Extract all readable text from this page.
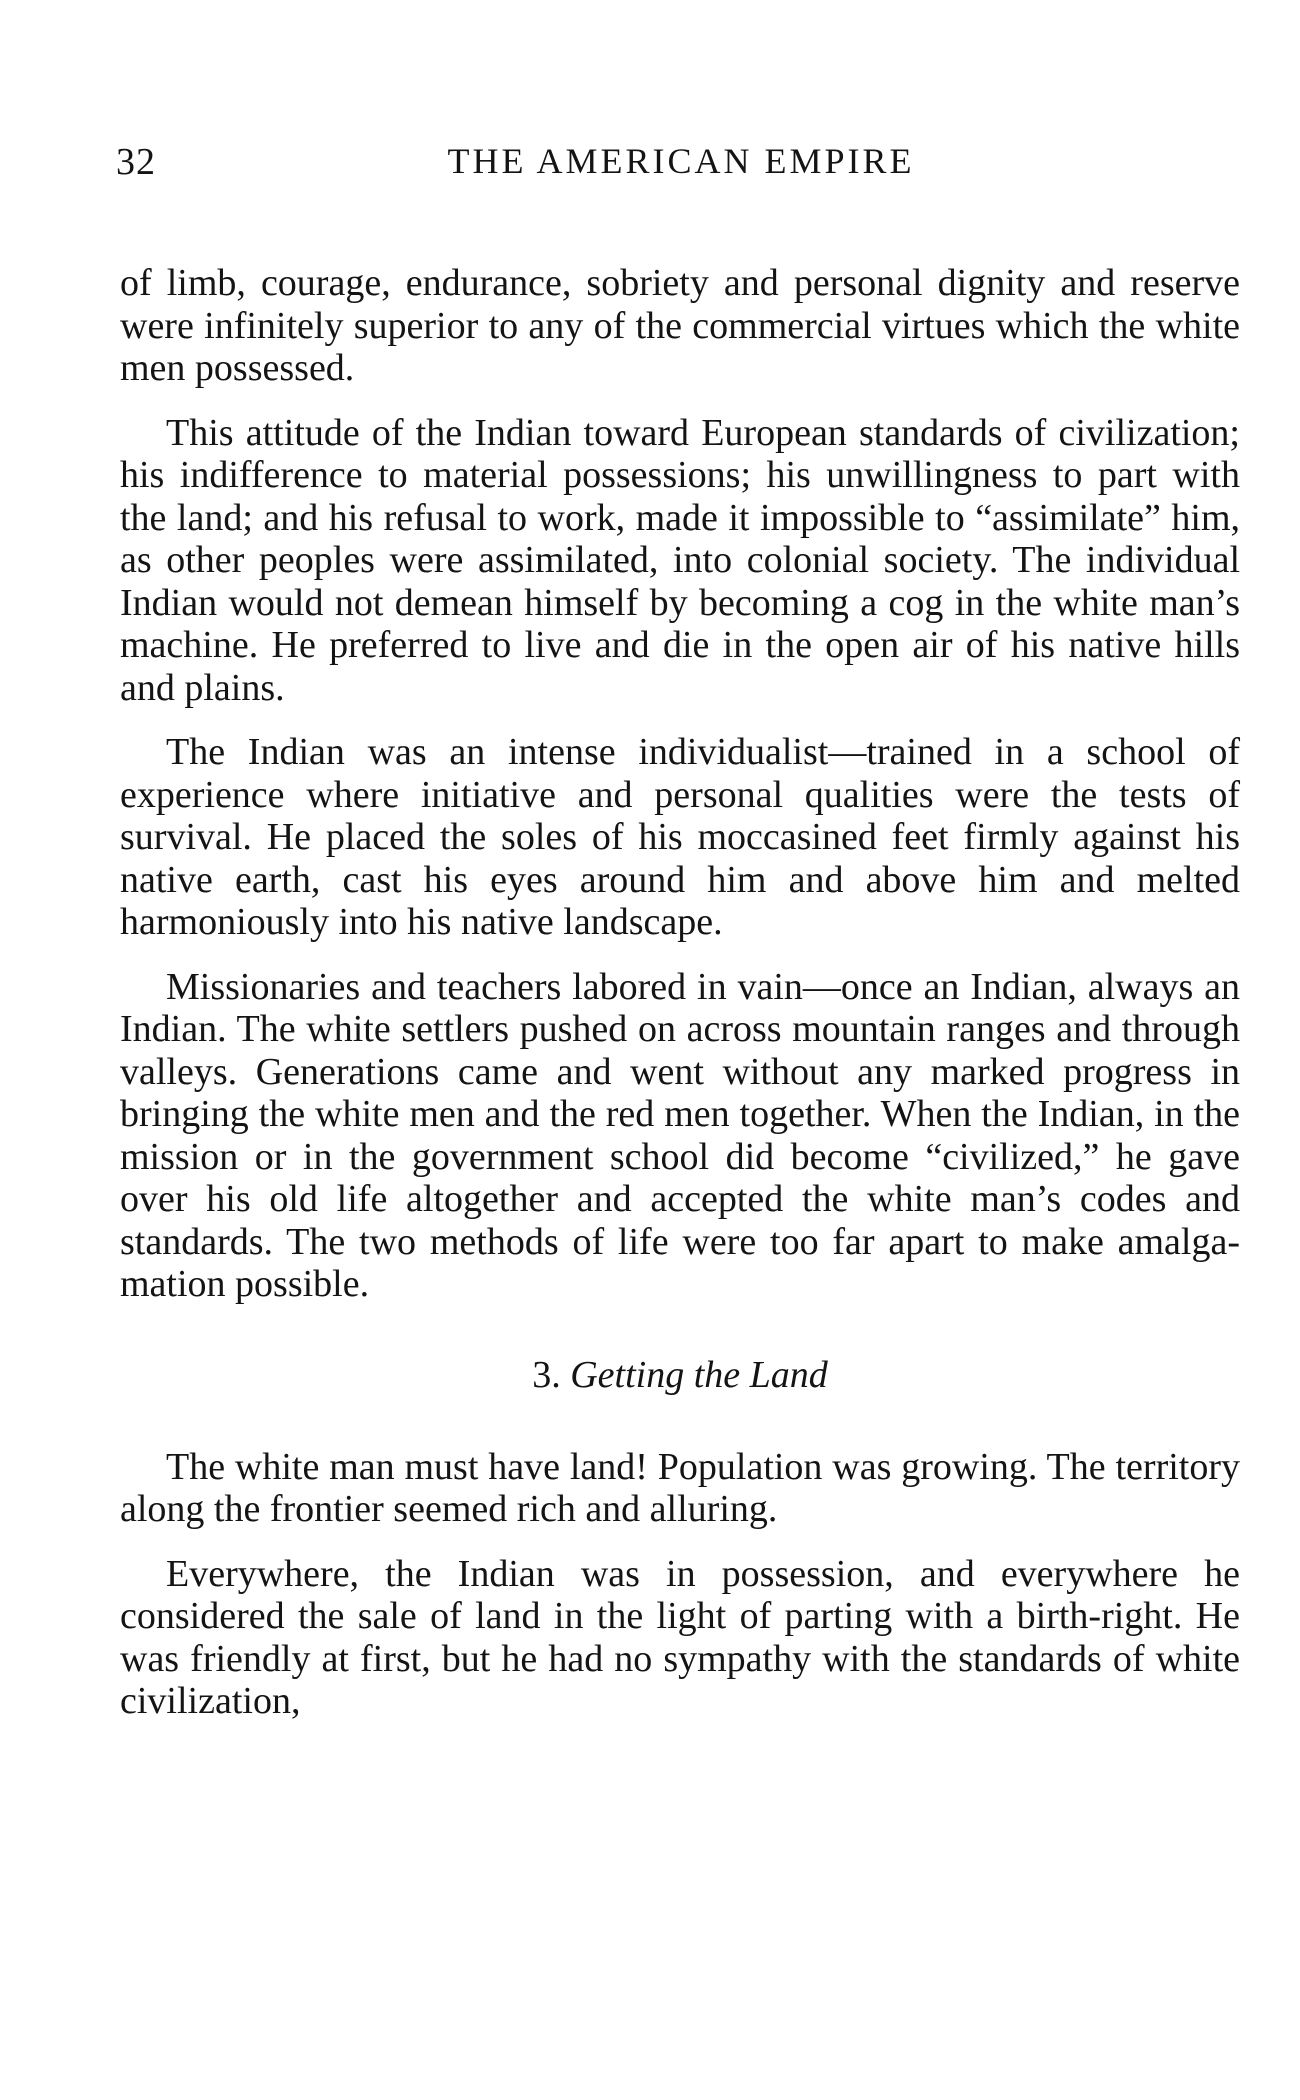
32	THE AMERICAN EMPIRE

of limb, courage, endurance, sobriety and personal dignity and reserve were infinitely superior to any of the commercial virtues which the white men possessed.

This attitude of the Indian toward European standards of civilization; his indifference to material possessions; his unwillingness to part with the land; and his refusal to work, made it impossible to “assimilate” him, as other peoples were assimilated, into colonial society. The individual Indian would not demean himself by becoming a cog in the white man’s machine. He preferred to live and die in the open air of his native hills and plains.

The Indian was an intense individualist—trained in a school of experience where initiative and personal qualities were the tests of survival. He placed the soles of his moccasined feet firmly against his native earth, cast his eyes around him and above him and melted harmoniously into his native landscape.

Missionaries and teachers labored in vain—once an Indian, always an Indian. The white settlers pushed on across mountain ranges and through valleys. Generations came and went without any marked progress in bringing the white men and the red men together. When the Indian, in the mission or in the government school did become “civilized,” he gave over his old life altogether and accepted the white man’s codes and standards. The two methods of life were too far apart to make amalgamation possible.

3. Getting the Land

The white man must have land! Population was growing. The territory along the frontier seemed rich and alluring.

Everywhere, the Indian was in possession, and everywhere he considered the sale of land in the light of parting with a birth-right. He was friendly at first, but he had no sympathy with the standards of white civilization,
